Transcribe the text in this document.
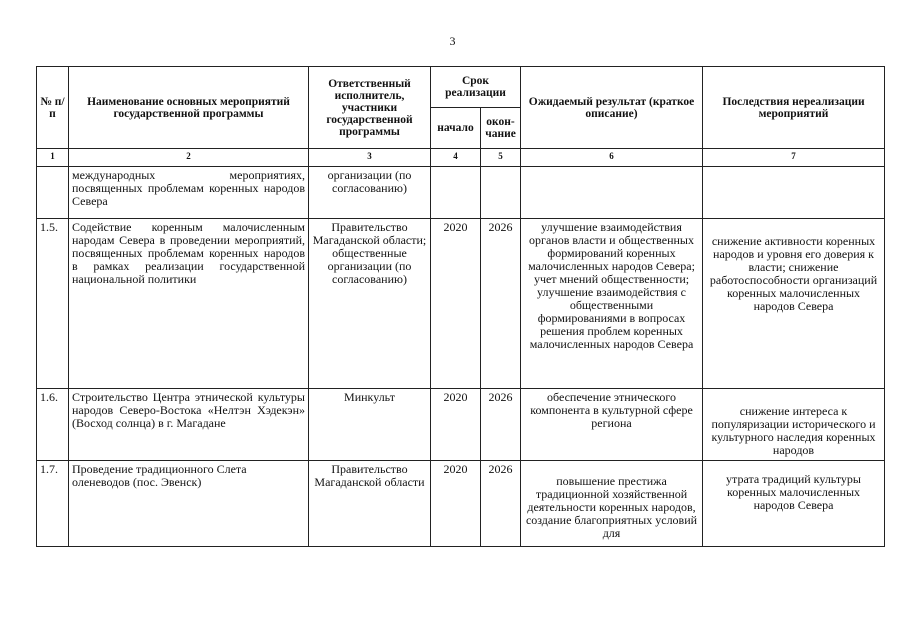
3
№ п/п	Наименование основных мероприятий государственной программы	Ответственный исполнитель, участники государственной программы	Срок реализации		Ожидаемый результат (краткое описание)	Последствия нереализации мероприятий
			начало	окон-чание		
1	2	3	4	5	6	7
	международных мероприятиях, посвященных проблемам коренных народов Севера	организации (по согласованию)				
1.5.	Содействие коренным малочисленным народам Севера в проведении мероприятий, посвященных проблемам коренных народов в рамках реализации государственной национальной политики	Правительство Магаданской области; общественные организации (по согласованию)	2020	2026	улучшение взаимодействия органов власти и общественных формирований коренных малочисленных народов Севера; учет мнений общественности; улучшение взаимодействия с общественными формированиями в вопросах решения проблем коренных малочисленных народов Севера	снижение активности коренных народов и уровня его доверия к власти; снижение работоспособности организаций коренных малочисленных народов Севера
1.6.	Строительство Центра этнической культуры народов Северо-Востока «Нелтэн Хэдекэн» (Восход солнца) в г. Магадане	Минкульт	2020	2026	обеспечение этнического компонента в культурной сфере региона	снижение интереса к популяризации исторического и культурного наследия коренных народов
1.7.	Проведение традиционного Слета оленеводов (пос. Эвенск)	Правительство Магаданской области	2020	2026	повышение престижа традиционной хозяйственной деятельности коренных народов, создание благоприятных условий для	утрата традиций культуры коренных малочисленных народов Севера
